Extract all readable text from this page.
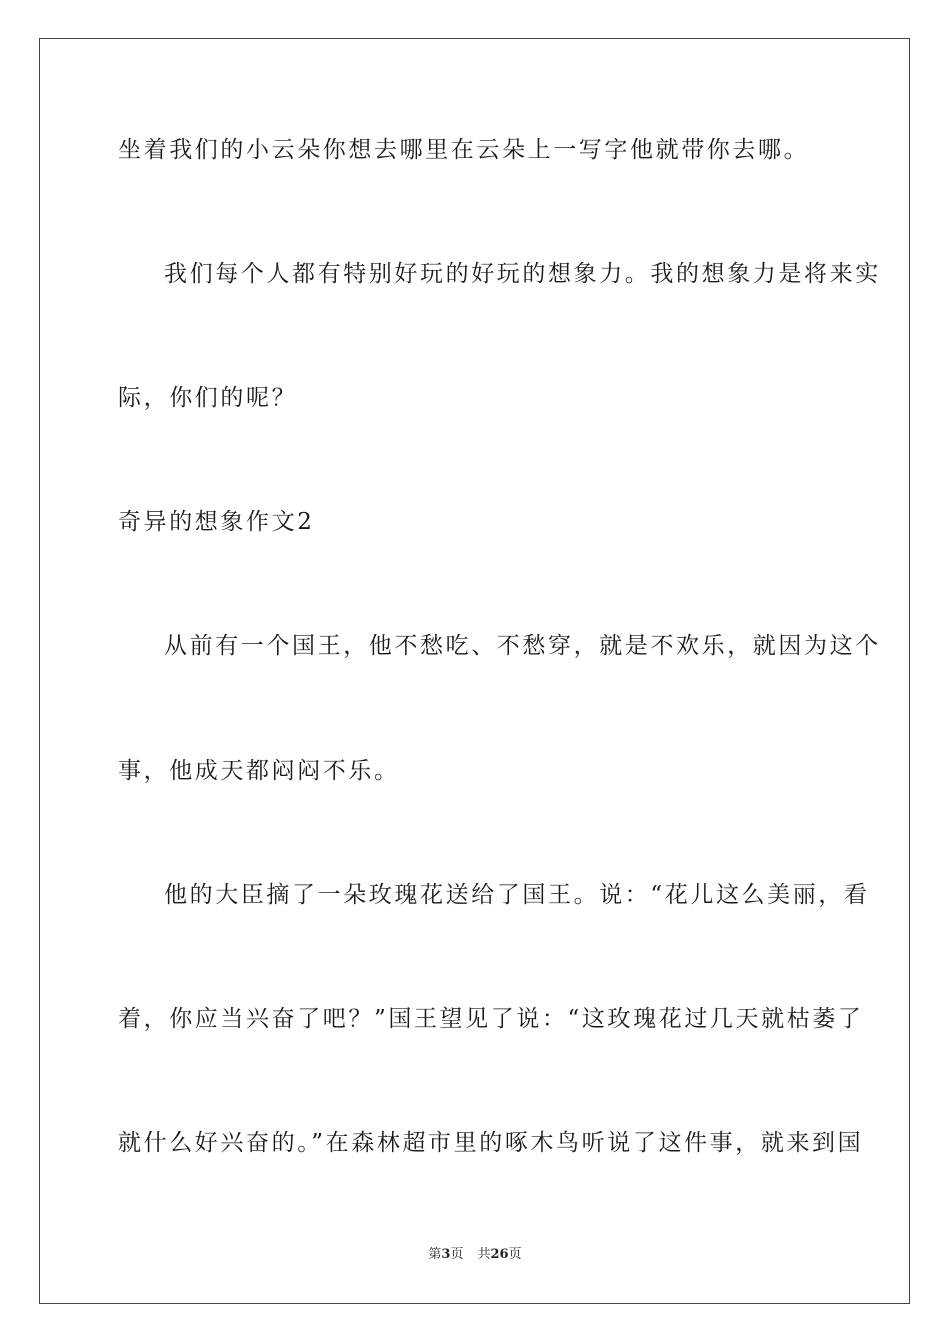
坐着我们的小云朵你想去哪里在云朵上一写字他就带你去哪。
我们每个人都有特别好玩的好玩的想象力。我的想象力是将来实
际，你们的呢？
奇异的想象作文2
从前有一个国王，他不愁吃、不愁穿，就是不欢乐，就因为这个
事，他成天都闷闷不乐。
他的大臣摘了一朵玫瑰花送给了国王。说：“花儿这么美丽，看
着，你应当兴奋了吧？”国王望见了说：“这玫瑰花过几天就枯萎了
就什么好兴奋的。”在森林超市里的啄木鸟听说了这件事，就来到国
第3页 共26页
